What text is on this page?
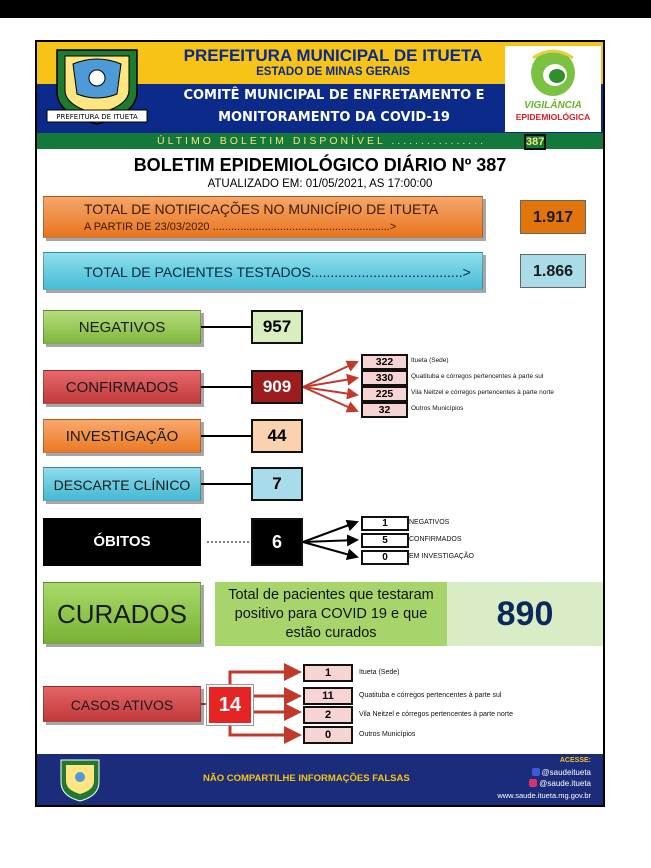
PREFEITURA DE ITUETA
PREFEITURA MUNICIPAL DE ITUETA
ESTADO DE MINAS GERAIS
COMITÊ MUNICIPAL DE ENFRETAMENTO E
MONITORAMENTO DA COVID-19
VIGILÂNCIA
EPIDEMIOLÓGICA
ÚLTIMO BOLETIM DISPONÍVEL ................	387
BOLETIM EPIDEMIOLÓGICO DIÁRIO Nº 387
ATUALIZADO EM: 01/05/2021, AS 17:00:00
TOTAL DE NOTIFICAÇÕES NO MUNICÍPIO DE ITUETA
A PARTIR DE 23/03/2020 ..........................................................>
1.917
TOTAL DE PACIENTES TESTADOS.......................................>	1.866
NEGATIVOS	957
CONFIRMADOS	909
322	Itueta (Sede)
330	Quatituba e córregos pertencentes à parte sul
225	Vila Neitzel e córregos pertencentes à parte norte
32	Outros Municípios
INVESTIGAÇÃO	44
DESCARTE CLÍNICO	7
ÓBITOS	6
1	NEGATIVOS
5	CONFIRMADOS
0	EM INVESTIGAÇÃO
CURADOS
Total de pacientes que testaram positivo para COVID 19 e que estão curados	890
CASOS ATIVOS	14
1	Itueta (Sede)
11	Quatituba e córregos pertencentes à parte sul
2	Vila Neitzel e córregos pertencentes à parte norte
0	Outros Municípios
NÃO COMPARTILHE INFORMAÇÕES FALSAS
ACESSE:
@saudeitueta
@saude.itueta
www.saude.itueta.mg.gov.br
